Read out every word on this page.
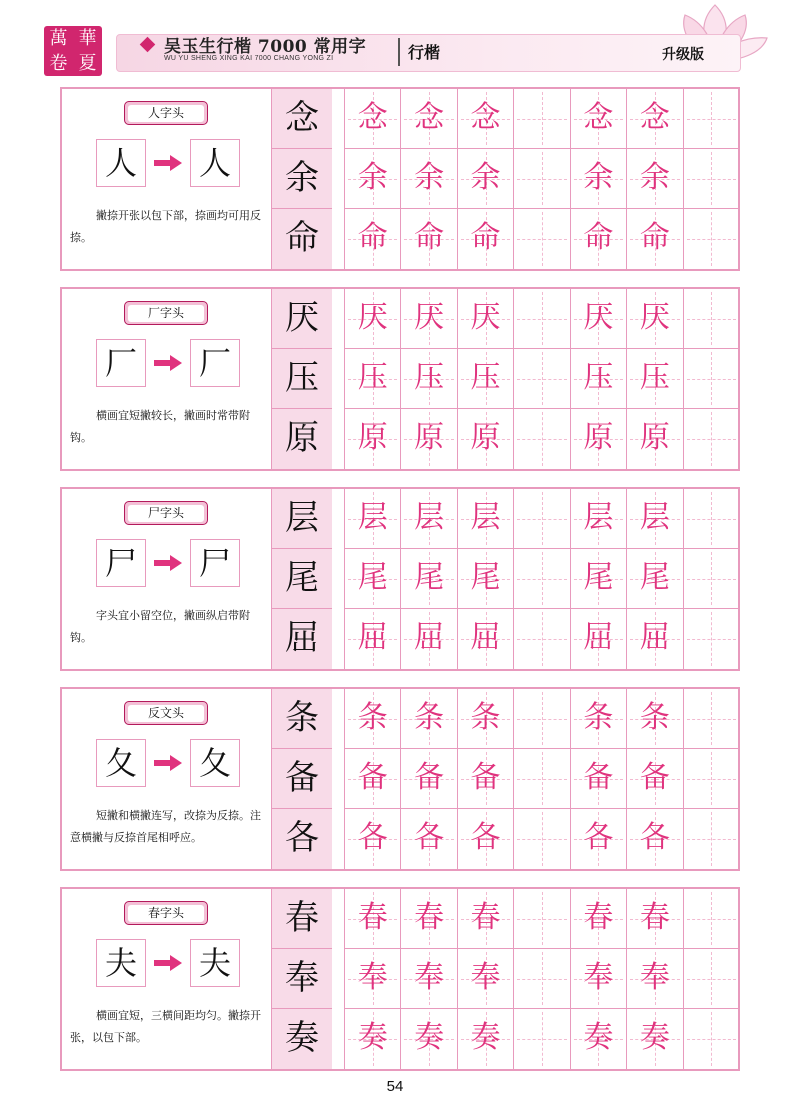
萬 華
卷 夏
吴玉生行楷 7000 常用字
WU YU SHENG XING KAI 7000 CHANG YONG ZI	行楷	升级版
人字头
人 人
撇捺开张以包下部，捺画均可用反捺。
念
余
命
念 念 念	念 念
余 余 余	余 余
命 命 命	命 命
厂字头
厂 厂
横画宜短撇较长，撇画时常带附钩。
厌
压
原
厌 厌 厌	厌 厌
压 压 压	压 压
原 原 原	原 原
尸字头
尸 尸
字头宜小留空位，撇画纵启带附钩。
层
尾
屈
层 层 层	层 层
尾 尾 尾	尾 尾
屈 屈 屈	屈 屈
反文头
夂 夂
短撇和横撇连写，改捺为反捺。注意横撇与反捺首尾相呼应。
条
备
各
条 条 条	条 条
备 备 备	备 备
各 各 各	各 各
春字头
夫 夫
横画宜短，三横间距均匀。撇捺开张，以包下部。
春
奉
奏
春 春 春	春 春
奉 奉 奉	奉 奉
奏 奏 奏	奏 奏
54
